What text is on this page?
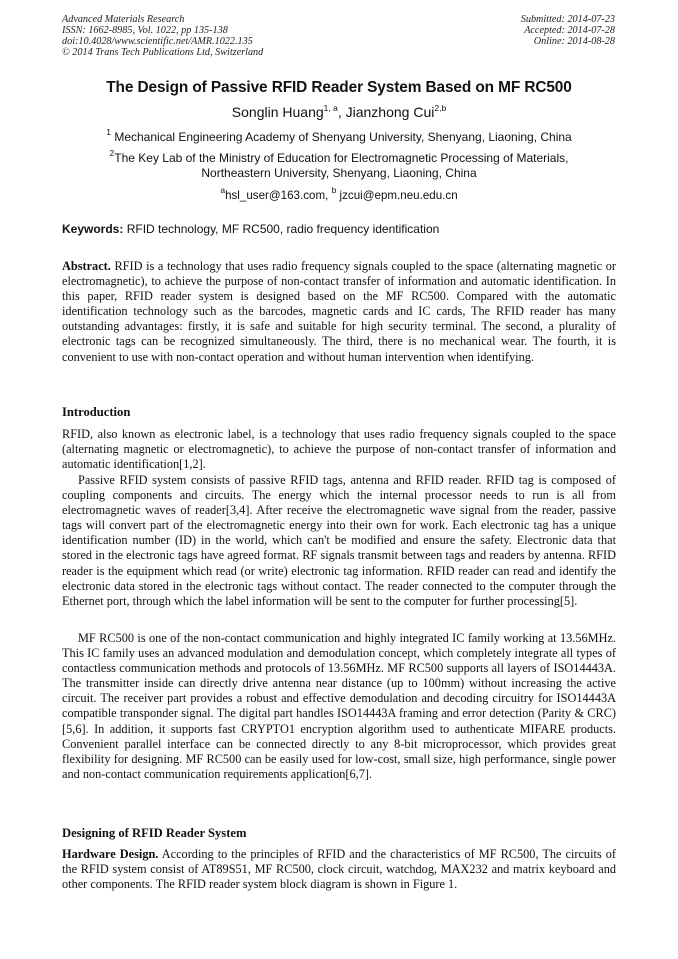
Advanced Materials Research
ISSN: 1662-8985, Vol. 1022, pp 135-138
doi:10.4028/www.scientific.net/AMR.1022.135
© 2014 Trans Tech Publications Ltd, Switzerland
Submitted: 2014-07-23
Accepted: 2014-07-28
Online: 2014-08-28
The Design of Passive RFID Reader System Based on MF RC500
Songlin Huang$^{1, a}$, Jianzhong Cui$^{2,b}$
$^1$ Mechanical Engineering Academy of Shenyang University, Shenyang, Liaoning, China
$^2$The Key Lab of the Ministry of Education for Electromagnetic Processing of Materials,
Northeastern University, Shenyang, Liaoning, China
$^a$hsl_user@163.com, $^b$ jzcui@epm.neu.edu.cn
Keywords: RFID technology, MF RC500, radio frequency identification
Abstract. RFID is a technology that uses radio frequency signals coupled to the space (alternating magnetic or electromagnetic), to achieve the purpose of non-contact transfer of information and automatic identification. In this paper, RFID reader system is designed based on the MF RC500. Compared with the automatic identification technology such as the barcodes, magnetic cards and IC cards, The RFID reader has many outstanding advantages: firstly, it is safe and suitable for high security terminal. The second, a plurality of electronic tags can be recognized simultaneously. The third, there is no mechanical wear. The fourth, it is convenient to use with non-contact operation and without human intervention when identifying.
Introduction
RFID, also known as electronic label, is a technology that uses radio frequency signals coupled to the space (alternating magnetic or electromagnetic), to achieve the purpose of non-contact transfer of information and automatic identification[1,2].
Passive RFID system consists of passive RFID tags, antenna and RFID reader. RFID tag is composed of coupling components and circuits. The energy which the internal processor needs to run is all from electromagnetic waves of reader[3,4]. After receive the electromagnetic wave signal from the reader, passive tags will convert part of the electromagnetic energy into their own for work. Each electronic tag has a unique identification number (ID) in the world, which can't be modified and ensure the safety. Electronic data that stored in the electronic tags have agreed format. RF signals transmit between tags and readers by antenna. RFID reader is the equipment which read (or write) electronic tag information. RFID reader can read and identify the electronic data stored in the electronic tags without contact. The reader connected to the computer through the Ethernet port, through which the label information will be sent to the computer for further processing[5].
MF RC500 is one of the non-contact communication and highly integrated IC family working at 13.56MHz. This IC family uses an advanced modulation and demodulation concept, which completely integrate all types of contactless communication methods and protocols of 13.56MHz. MF RC500 supports all layers of ISO14443A. The transmitter inside can directly drive antenna near distance (up to 100mm) without increasing the active circuit. The receiver part provides a robust and effective demodulation and decoding circuitry for ISO14443A compatible transponder signal. The digital part handles ISO14443A framing and error detection (Parity & CRC)[5,6]. In addition, it supports fast CRYPTO1 encryption algorithm used to authenticate MIFARE products. Convenient parallel interface can be connected directly to any 8-bit microprocessor, which provides great flexibility for designing. MF RC500 can be easily used for low-cost, small size, high performance, single power and non-contact communication requirements application[6,7].
Designing of RFID Reader System
Hardware Design. According to the principles of RFID and the characteristics of MF RC500, The circuits of the RFID system consist of AT89S51, MF RC500, clock circuit, watchdog, MAX232 and matrix keyboard and other components. The RFID reader system block diagram is shown in Figure 1.
